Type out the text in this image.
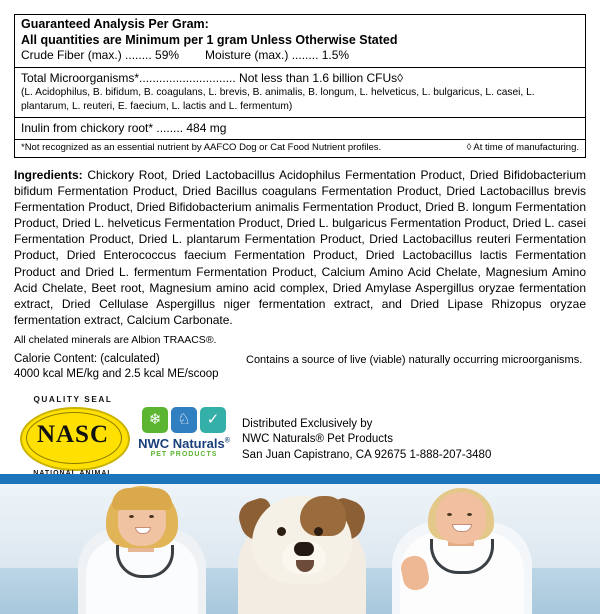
Guaranteed Analysis Per Gram:
All quantities are Minimum per 1 gram Unless Otherwise Stated
Crude Fiber (max.) ........ 59% Moisture (max.) ........ 1.5%
Total Microorganisms*............................. Not less than 1.6 billion CFUs◊
(L. Acidophilus, B. bifidum, B. coagulans, L. brevis, B. animalis, B. longum, L. helveticus, L. bulgaricus, L. casei, L. plantarum, L. reuteri, E. faecium, L. lactis and L. fermentum)
Inulin from chickory root* ........ 484 mg
*Not recognized as an essential nutrient by AAFCO Dog or Cat Food Nutrient profiles.	◊ At time of manufacturing.
Ingredients: Chickory Root, Dried Lactobacillus Acidophilus Fermentation Product, Dried Bifidobacterium bifidum Fermentation Product, Dried Bacillus coagulans Fermentation Product, Dried Lactobacillus brevis Fermentation Product, Dried Bifidobacterium animalis Fermentation Product, Dried B. longum Fermentation Product, Dried L. helveticus Fermentation Product, Dried L. bulgaricus Fermentation Product, Dried L. casei Fermentation Product, Dried L. plantarum Fermentation Product, Dried Lactobacillus reuteri Fermentation Product, Dried Enterococcus faecium Fermentation Product, Dried Lactobacillus lactis Fermentation Product and Dried L. fermentum Fermentation Product, Calcium Amino Acid Chelate, Magnesium Amino Acid Chelate, Beet root, Magnesium amino acid complex, Dried Amylase Aspergillus oryzae fermentation extract, Dried Cellulase Aspergillus niger fermentation extract, and Dried Lipase Rhizopus oryzae fermentation extract, Calcium Carbonate.
All chelated minerals are Albion TRAACS®.
Calorie Content: (calculated)
4000 kcal ME/kg and 2.5 kcal ME/scoop
Contains a source of live (viable) naturally occurring microorganisms.
QUALITY SEAL
NASC
❄	♘	✓
NWC Naturals®
PET PRODUCTS
Distributed Exclusively by
NWC Naturals® Pet Products
San Juan Capistrano, CA 92675 1-888-207-3480
